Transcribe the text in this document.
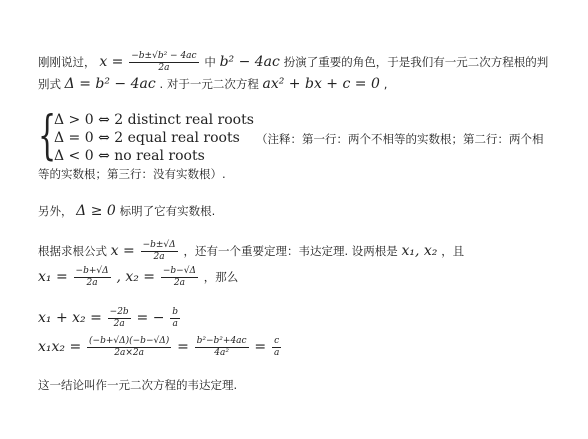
刚刚说过， $x = \frac{\text{−b±√b² − 4ac}}{2a}$ 中 b² − 4ac 扮演了重要的角色，于是我们有一元二次方程根的判
别式 Δ = b² − 4ac . 对于一元二次方程 ax² + bx + c = 0 ,
{
Δ > 0 ⇔ 2 distinct real roots
Δ = 0 ⇔ 2 equal real roots
Δ < 0 ⇔ no real roots
（注释：第一行：两个不相等的实数根；第二行：两个相
等的实数根；第三行：没有实数根）.
另外， Δ ≥ 0 标明了它有实数根.
根据求根公式 $x = \frac{-b\pm√\Delta}{2a}$ ，还有一个重要定理：韦达定理. 设两根是 x₁, x₂ ，且
$x_1 = \frac{-b+√\Delta}{2a}$ , $x_2 = \frac{-b-√\Delta}{2a}$ ，那么
$x_1 + x_2 = \frac{-2b}{2a}$ = − $\frac{b}{a}$
$x_1x_2 = \frac{(-b+√\Delta)(-b-√\Delta)}{2a\times 2a} = \frac{\text{b²−b²+4ac}}{\text{4a²}} = \frac{c}{a}$
这一结论叫作一元二次方程的韦达定理.
